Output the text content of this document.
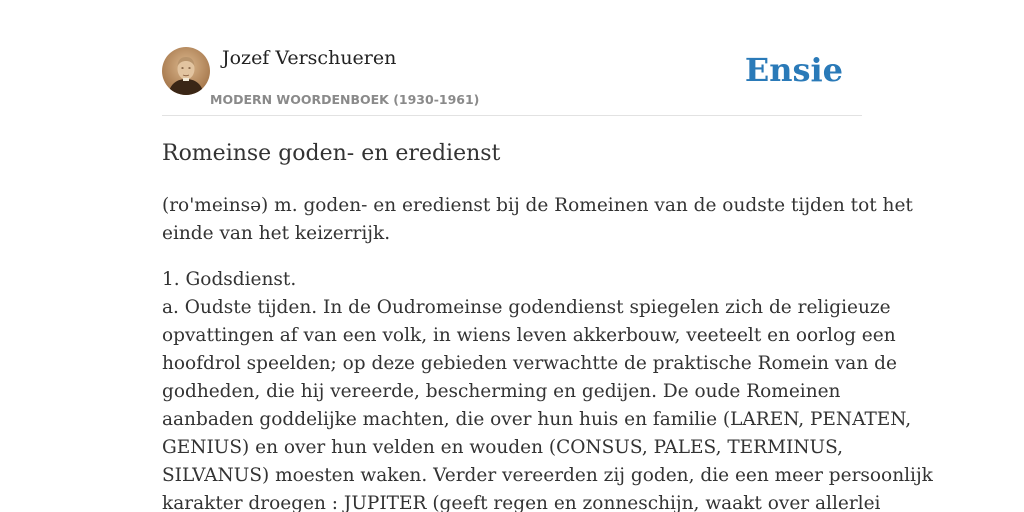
Jozef Verschueren
MODERN WOORDENBOEK (1930-1961)
Ensie
Romeinse goden- en eredienst

(ro'meinsə) m. goden- en eredienst bij de Romeinen van de oudste tijden tot het
einde van het keizerrijk.

1. Godsdienst.
a. Oudste tijden. In de Oudromeinse godendienst spiegelen zich de religieuze
opvattingen af van een volk, in wiens leven akkerbouw, veeteelt en oorlog een
hoofdrol speelden; op deze gebieden verwachtte de praktische Romein van de
godheden, die hij vereerde, bescherming en gedijen. De oude Romeinen
aanbaden goddelijke machten, die over hun huis en familie (LAREN, PENATEN,
GENIUS) en over hun velden en wouden (CONSUS, PALES, TERMINUS,
SILVANUS) moesten waken. Verder vereerden zij goden, die een meer persoonlijk
karakter droegen : JUPITER (geeft regen en zonneschijn, waakt over allerlei
